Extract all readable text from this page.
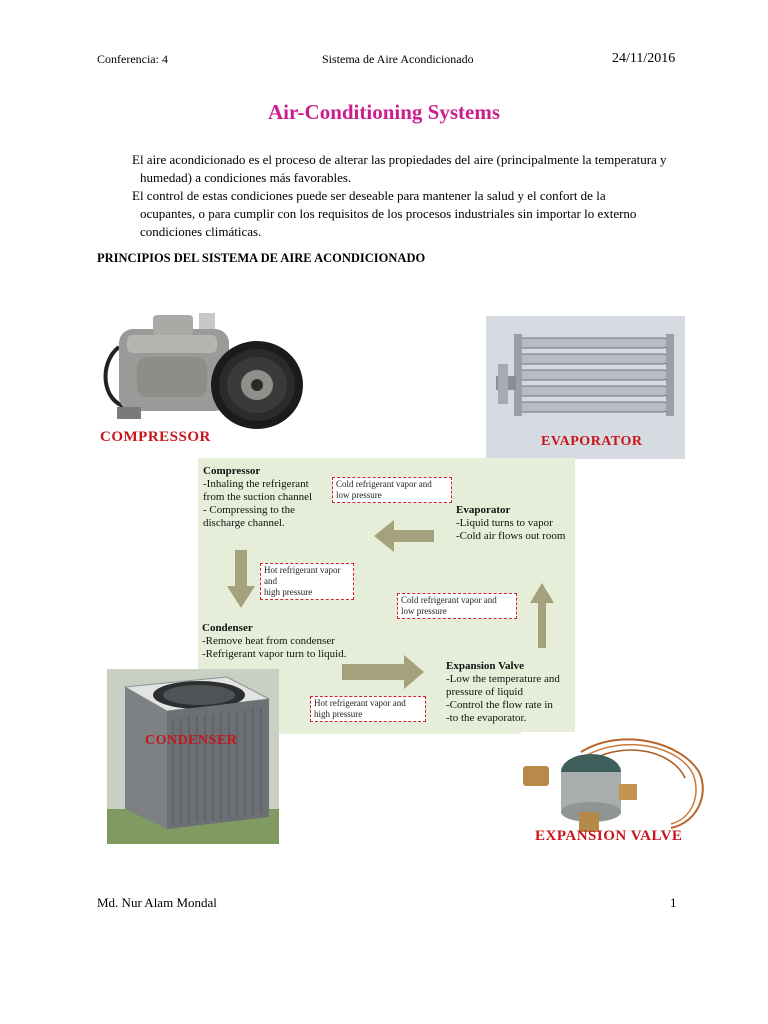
Conferencia: 4	Sistema de Aire Acondicionado	24/11/2016
Air-Conditioning Systems
El aire acondicionado es el proceso de alterar las propiedades del aire (principalmente la temperatura y
humedad) a condiciones más favorables.
El control de estas condiciones puede ser deseable para mantener la salud y el confort de la
ocupantes, o para cumplir con los requisitos de los procesos industriales sin importar lo externo
condiciones climáticas.
PRINCIPIOS DEL SISTEMA DE AIRE ACONDICIONADO
COMPRESSOR	EVAPORATOR
Compressor
-Inhaling the refrigerant
from the suction channel
- Compressing to the
discharge channel.
Cold refrigerant vapor and
low pressure
Evaporator
-Liquid turns to vapor
-Cold air flows out room
Hot refrigerant vapor and
high pressure
Cold refrigerant vapor and
low pressure
Condenser
-Remove heat from condenser
-Refrigerant vapor turn to liquid.
Expansion Valve
-Low the temperature and
pressure of liquid
-Control the flow rate in
-to the evaporator.
Hot refrigerant vapor and
high pressure
CONDENSER
EXPANSION VALVE
Md. Nur Alam Mondal	1
